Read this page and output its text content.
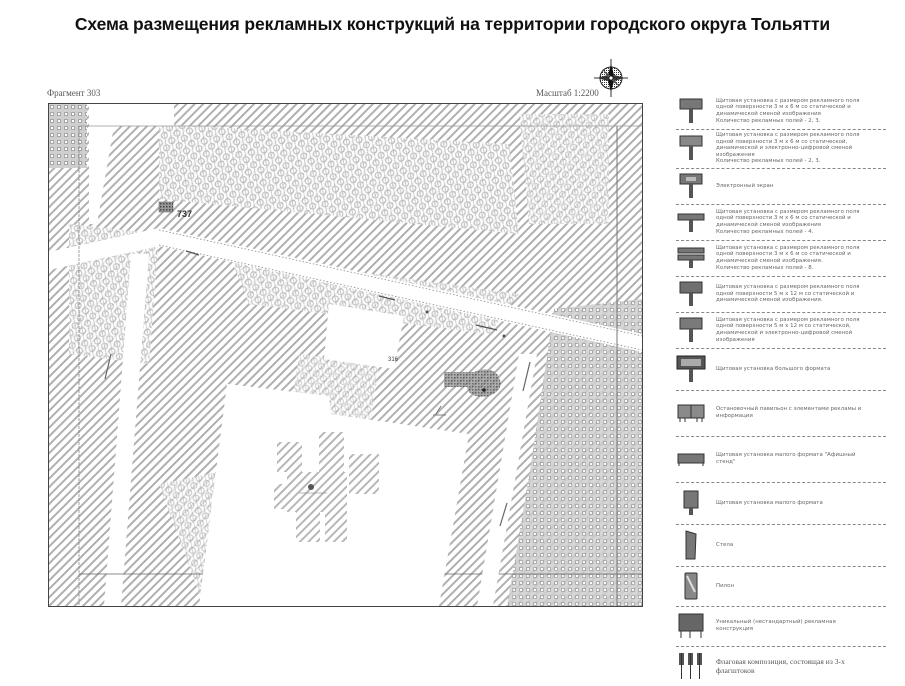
Схема размещения рекламных конструкций на территории городского округа Тольятти
Фрагмент 303	Масштаб 1:2200
737
316
Щитовая установка с размером рекламного поля
одной поверхности 3 м х 6 м со статической и
динамической сменой изображения
Количество рекламных полей - 2, 3.
Щитовая установка с размером рекламного поля
одной поверхности 3 м х 6 м со статической,
динамической и электронно-цифровой сменой
изображения
Количество рекламных полей - 2, 3.
Электронный экран
Щитовая установка с размером рекламного поля
одной поверхности 3 м х 6 м со статической и
динамической сменой изображения
Количество рекламных полей - 4.
Щитовая установка с размером рекламного поля
одной поверхности 3 м х 6 м со статической и
динамической сменой изображения.
Количество рекламных полей - 8.
Щитовая установка с размером рекламного поля
одной поверхности 5 м х 12 м со статической и
динамической сменой изображения.
Щитовая установка с размером рекламного поля
одной поверхности 5 м х 12 м со статической,
динамической и электронно-цифровой сменой
изображения
Щитовая установка большого формата
Остановочный павильон с элементами рекламы и
информации
Щитовая установка малого формата "Афишный
стенд"
Щитовая установка малого формата
Стела
Пилон
Уникальный (нестандартный) рекламная
конструкция
Флаговая композиция, состоящая из 3-х
флагштоков
